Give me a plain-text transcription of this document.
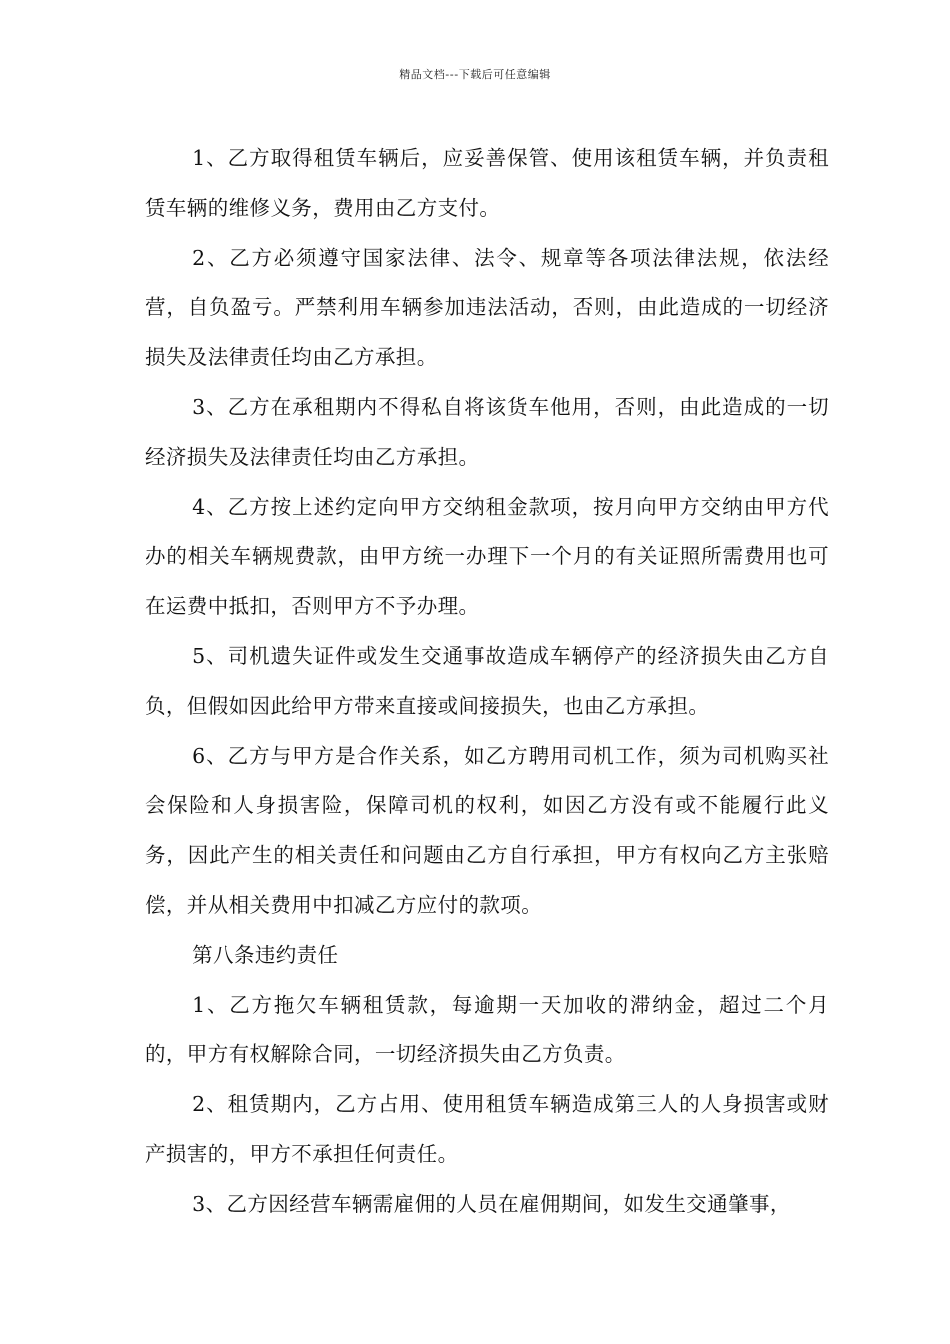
精品文档---下载后可任意编辑

1、乙方取得租赁车辆后，应妥善保管、使用该租赁车辆，并负责租赁车辆的维修义务，费用由乙方支付。

2、乙方必须遵守国家法律、法令、规章等各项法律法规，依法经营，自负盈亏。严禁利用车辆参加违法活动，否则，由此造成的一切经济损失及法律责任均由乙方承担。

3、乙方在承租期内不得私自将该货车他用，否则，由此造成的一切经济损失及法律责任均由乙方承担。

4、乙方按上述约定向甲方交纳租金款项，按月向甲方交纳由甲方代办的相关车辆规费款，由甲方统一办理下一个月的有关证照所需费用也可在运费中抵扣，否则甲方不予办理。

5、司机遗失证件或发生交通事故造成车辆停产的经济损失由乙方自负，但假如因此给甲方带来直接或间接损失，也由乙方承担。

6、乙方与甲方是合作关系，如乙方聘用司机工作，须为司机购买社会保险和人身损害险，保障司机的权利，如因乙方没有或不能履行此义务，因此产生的相关责任和问题由乙方自行承担，甲方有权向乙方主张赔偿，并从相关费用中扣减乙方应付的款项。

第八条违约责任

1、乙方拖欠车辆租赁款，每逾期一天加收的滞纳金，超过二个月的，甲方有权解除合同，一切经济损失由乙方负责。

2、租赁期内，乙方占用、使用租赁车辆造成第三人的人身损害或财产损害的，甲方不承担任何责任。

3、乙方因经营车辆需雇佣的人员在雇佣期间，如发生交通肇事，
